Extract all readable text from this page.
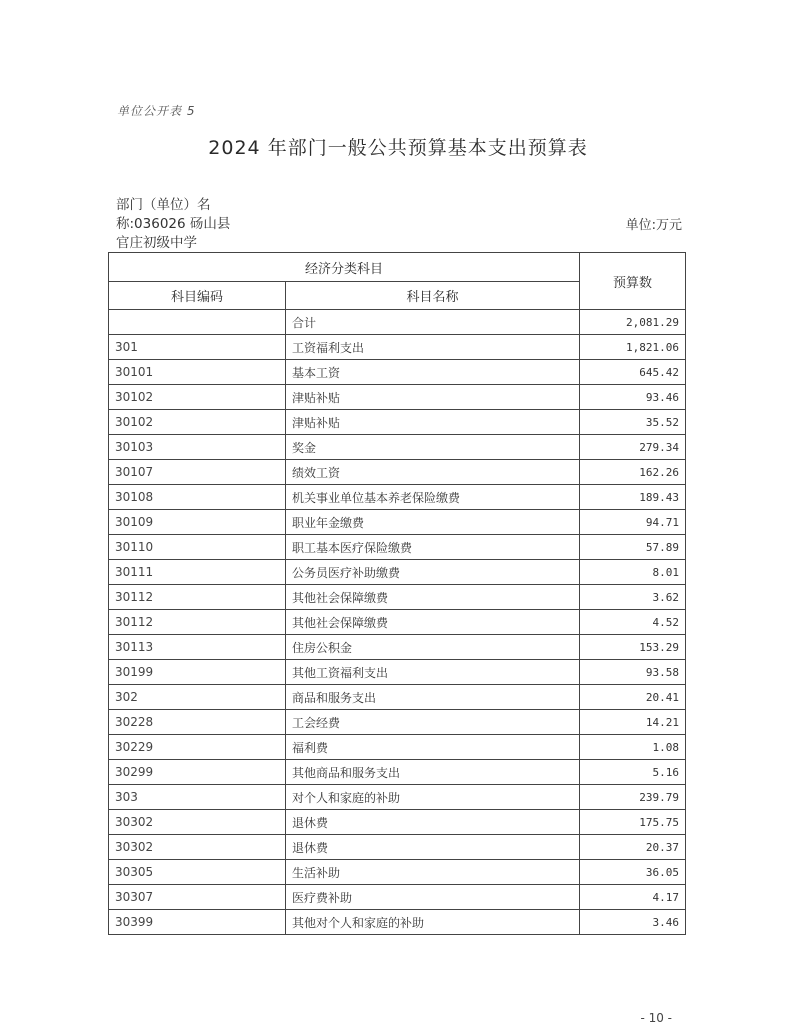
单位公开表 5
2024 年部门一般公共预算基本支出预算表
部门（单位）名
称:036026 砀山县
官庄初级中学
单位:万元
经济分类科目		预算数
科目编码	科目名称	
	合计	2,081.29
301	工资福利支出	1,821.06
30101	基本工资	645.42
30102	津贴补贴	93.46
30102	津贴补贴	35.52
30103	奖金	279.34
30107	绩效工资	162.26
30108	机关事业单位基本养老保险缴费	189.43
30109	职业年金缴费	94.71
30110	职工基本医疗保险缴费	57.89
30111	公务员医疗补助缴费	8.01
30112	其他社会保障缴费	3.62
30112	其他社会保障缴费	4.52
30113	住房公积金	153.29
30199	其他工资福利支出	93.58
302	商品和服务支出	20.41
30228	工会经费	14.21
30229	福利费	1.08
30299	其他商品和服务支出	5.16
303	对个人和家庭的补助	239.79
30302	退休费	175.75
30302	退休费	20.37
30305	生活补助	36.05
30307	医疗费补助	4.17
30399	其他对个人和家庭的补助	3.46
- 10 -
